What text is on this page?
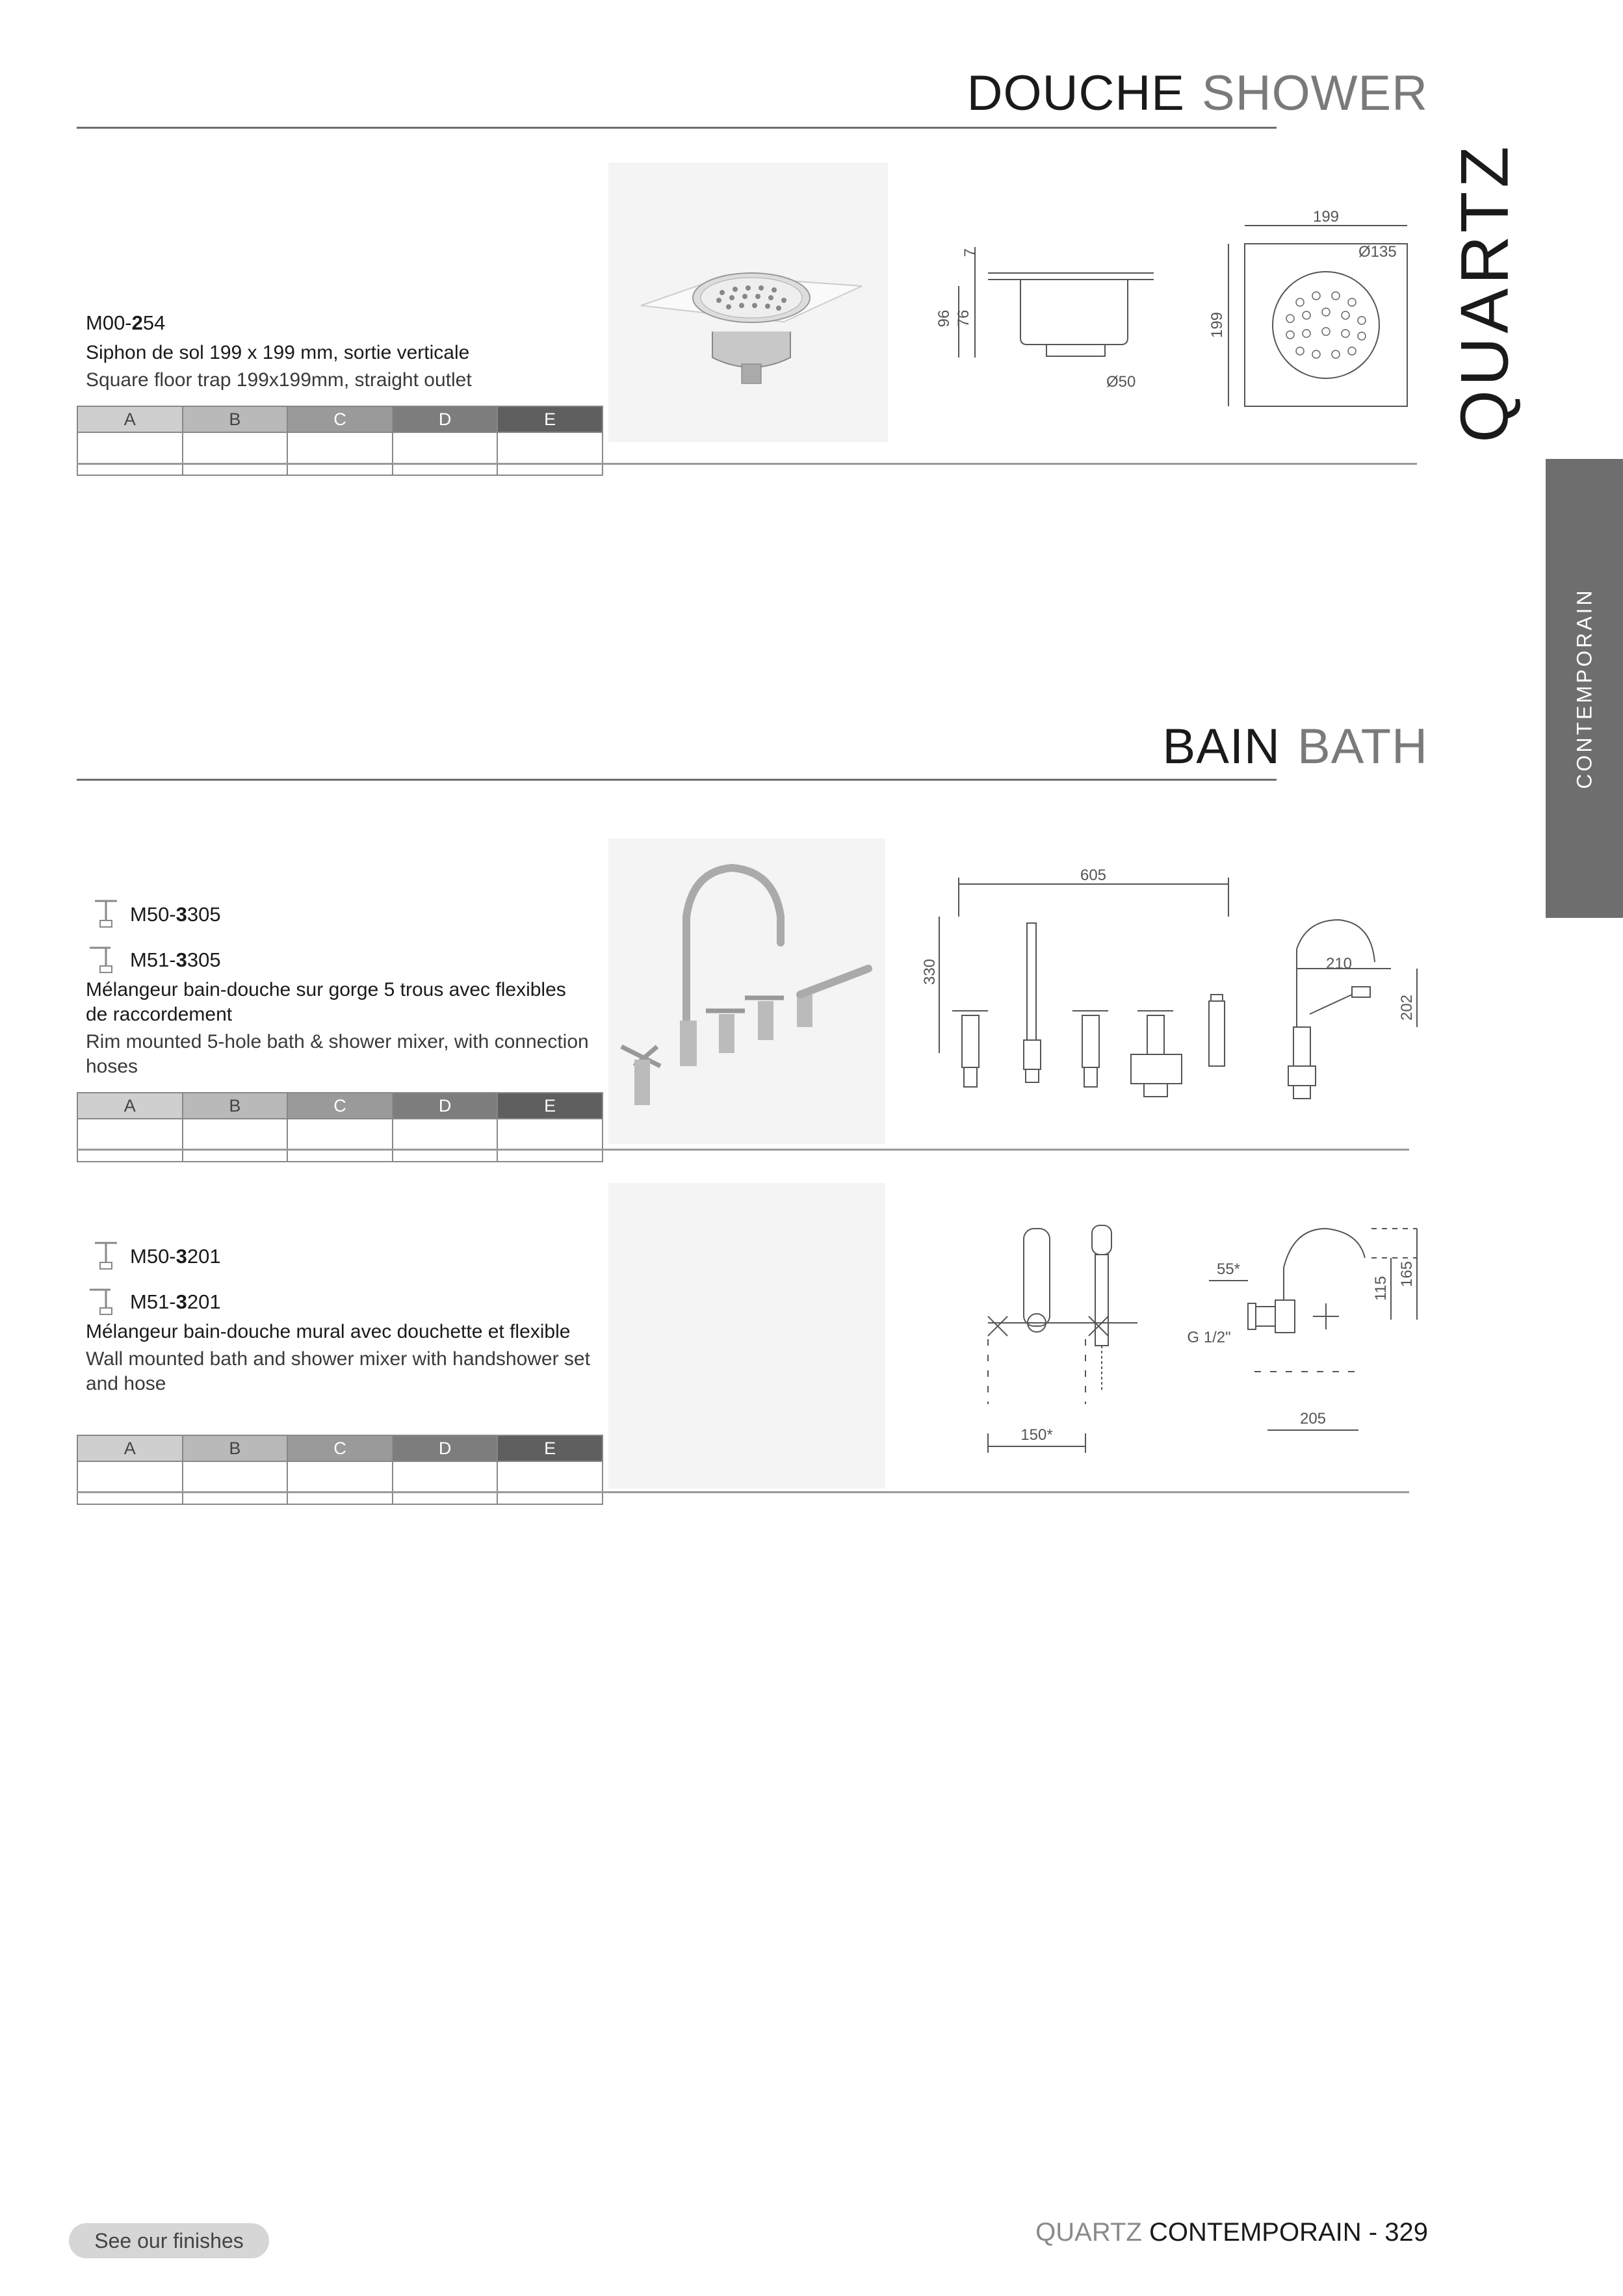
DOUCHE SHOWER
QUARTZ
CONTEMPORAIN
M00-254
Siphon de sol 199 x 199 mm, sortie verticale
Square floor trap 199x199mm, straight outlet
A	B	C	D	E

7
76
96
Ø50
199
199
Ø135
BAIN BATH
M50-3305
M51-3305
Mélangeur bain-douche sur gorge 5 trous avec flexibles de raccordement
Rim mounted 5-hole bath & shower mixer, with connection hoses
A	B	C	D	E

605
330	210
202
M50-3201
M51-3201
Mélangeur bain-douche mural avec douchette et flexible
Wall mounted bath and shower mixer with handshower set and hose
A	B	C	D	E

150*
55*
G 1/2"
115
165
205
See our finishes	QUARTZ CONTEMPORAIN - 329
